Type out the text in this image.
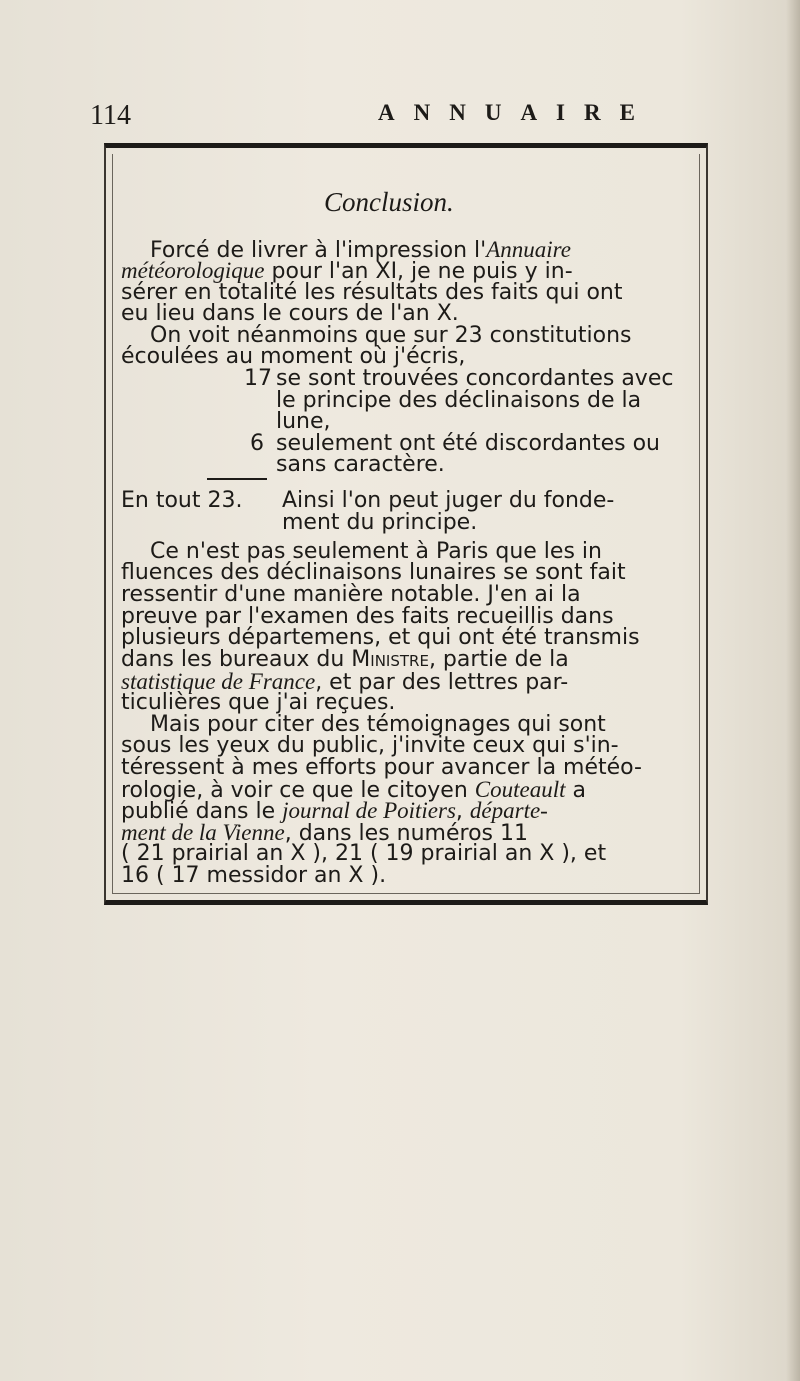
114	ANNUAIRE
Conclusion.
Forcé de livrer à l'impression l'Annuaire
météorologique pour l'an XI, je ne puis y in-
sérer en totalité les résultats des faits qui ont
eu lieu dans le cours de l'an X.
On voit néanmoins que sur 23 constitutions
écoulées au moment où j'écris,
17 se sont trouvées concordantes avec
le principe des déclinaisons de la
lune,
6 seulement ont été discordantes ou
sans caractère.
En tout 23. Ainsi l'on peut juger du fonde-
ment du principe.
Ce n'est pas seulement à Paris que les in
fluences des déclinaisons lunaires se sont fait
ressentir d'une manière notable. J'en ai la
preuve par l'examen des faits recueillis dans
plusieurs départemens, et qui ont été transmis
dans les bureaux du Ministre, partie de la
statistique de France, et par des lettres par-
ticulières que j'ai reçues.
Mais pour citer des témoignages qui sont
sous les yeux du public, j'invite ceux qui s'in-
téressent à mes efforts pour avancer la météo-
rologie, à voir ce que le citoyen Couteault a
publié dans le journal de Poitiers, départe-
ment de la Vienne, dans les numéros 11
( 21 prairial an X ), 21 ( 19 prairial an X ), et
16 ( 17 messidor an X ).
